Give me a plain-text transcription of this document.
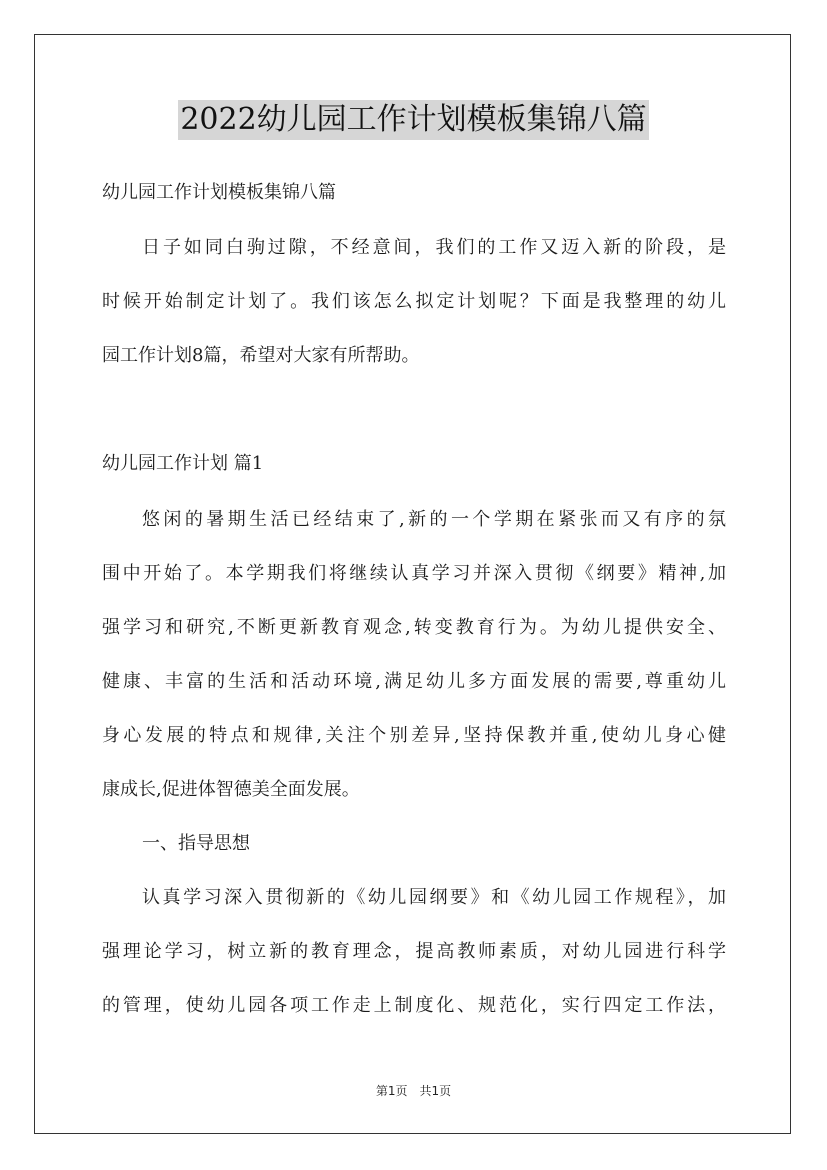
2022幼儿园工作计划模板集锦八篇
幼儿园工作计划模板集锦八篇
日子如同白驹过隙，不经意间，我们的工作又迈入新的阶段，是
时候开始制定计划了。我们该怎么拟定计划呢？下面是我整理的幼儿
园工作计划8篇，希望对大家有所帮助。
幼儿园工作计划 篇1
悠闲的暑期生活已经结束了,新的一个学期在紧张而又有序的氛
围中开始了。本学期我们将继续认真学习并深入贯彻《纲要》精神,加
强学习和研究,不断更新教育观念,转变教育行为。为幼儿提供安全、
健康、丰富的生活和活动环境,满足幼儿多方面发展的需要,尊重幼儿
身心发展的特点和规律,关注个别差异,坚持保教并重,使幼儿身心健
康成长,促进体智德美全面发展。
一、指导思想
认真学习深入贯彻新的《幼儿园纲要》和《幼儿园工作规程》，加
强理论学习，树立新的教育理念，提高教师素质，对幼儿园进行科学
的管理，使幼儿园各项工作走上制度化、规范化，实行四定工作法，
第1页　共1页
